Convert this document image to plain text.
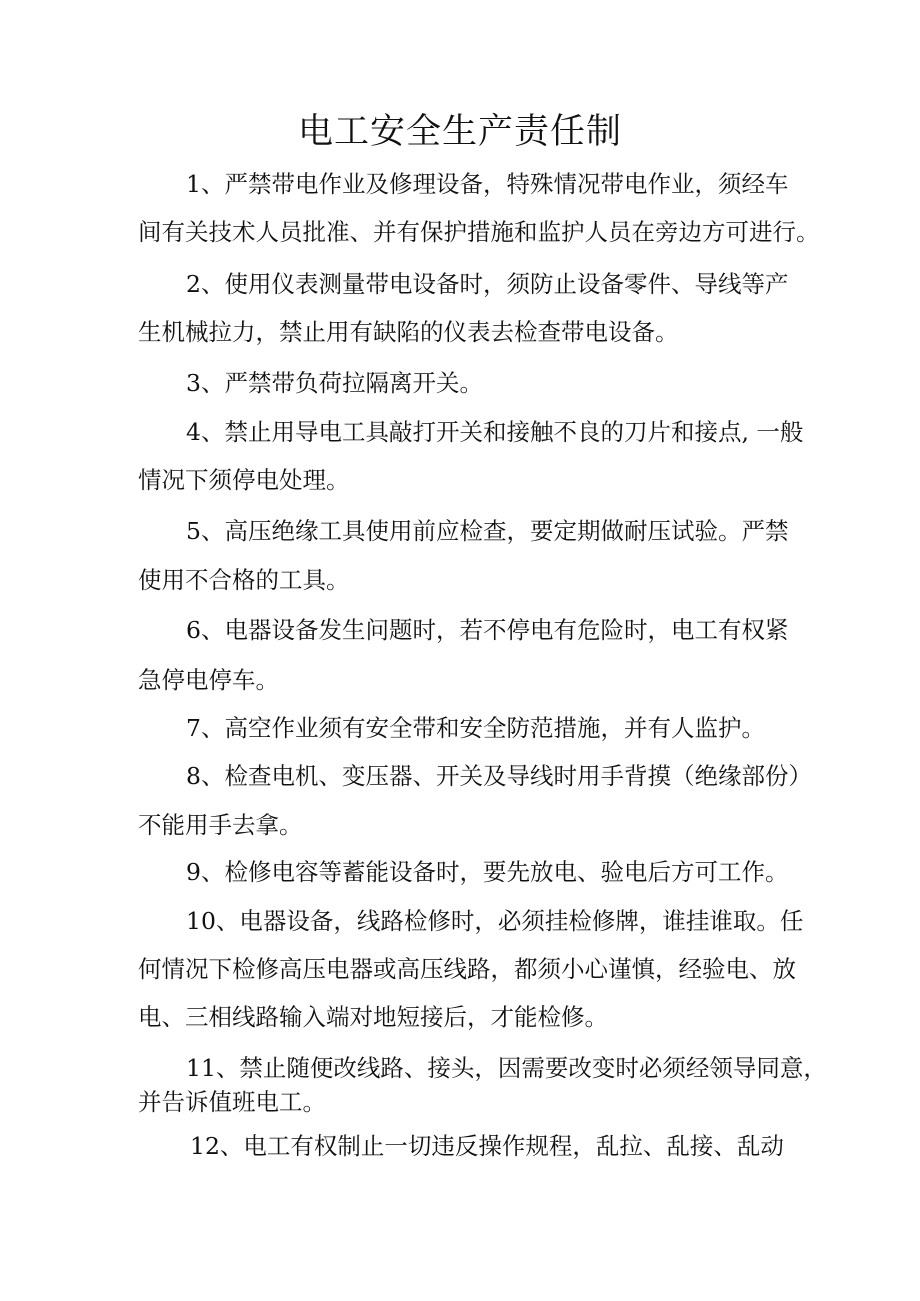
电工安全生产责任制
1、严禁带电作业及修理设备，特殊情况带电作业，须经车
间有关技术人员批准、并有保护措施和监护人员在旁边方可进行。
2、使用仪表测量带电设备时，须防止设备零件、导线等产
生机械拉力，禁止用有缺陷的仪表去检查带电设备。
3、严禁带负荷拉隔离开关。
4、禁止用导电工具敲打开关和接触不良的刀片和接点, 一般
情况下须停电处理。
5、高压绝缘工具使用前应检查，要定期做耐压试验。严禁
使用不合格的工具。
6、电器设备发生问题时，若不停电有危险时，电工有权紧
急停电停车。
7、高空作业须有安全带和安全防范措施，并有人监护。
8、检查电机、变压器、开关及导线时用手背摸（绝缘部份）
不能用手去拿。
9、检修电容等蓄能设备时，要先放电、验电后方可工作。
10、电器设备，线路检修时，必须挂检修牌，谁挂谁取。任
何情况下检修高压电器或高压线路，都须小心谨慎，经验电、放
电、三相线路输入端对地短接后，才能检修。
11、禁止随便改线路、接头，因需要改变时必须经领导同意，
并告诉值班电工。
12、电工有权制止一切违反操作规程，乱拉、乱接、乱动
